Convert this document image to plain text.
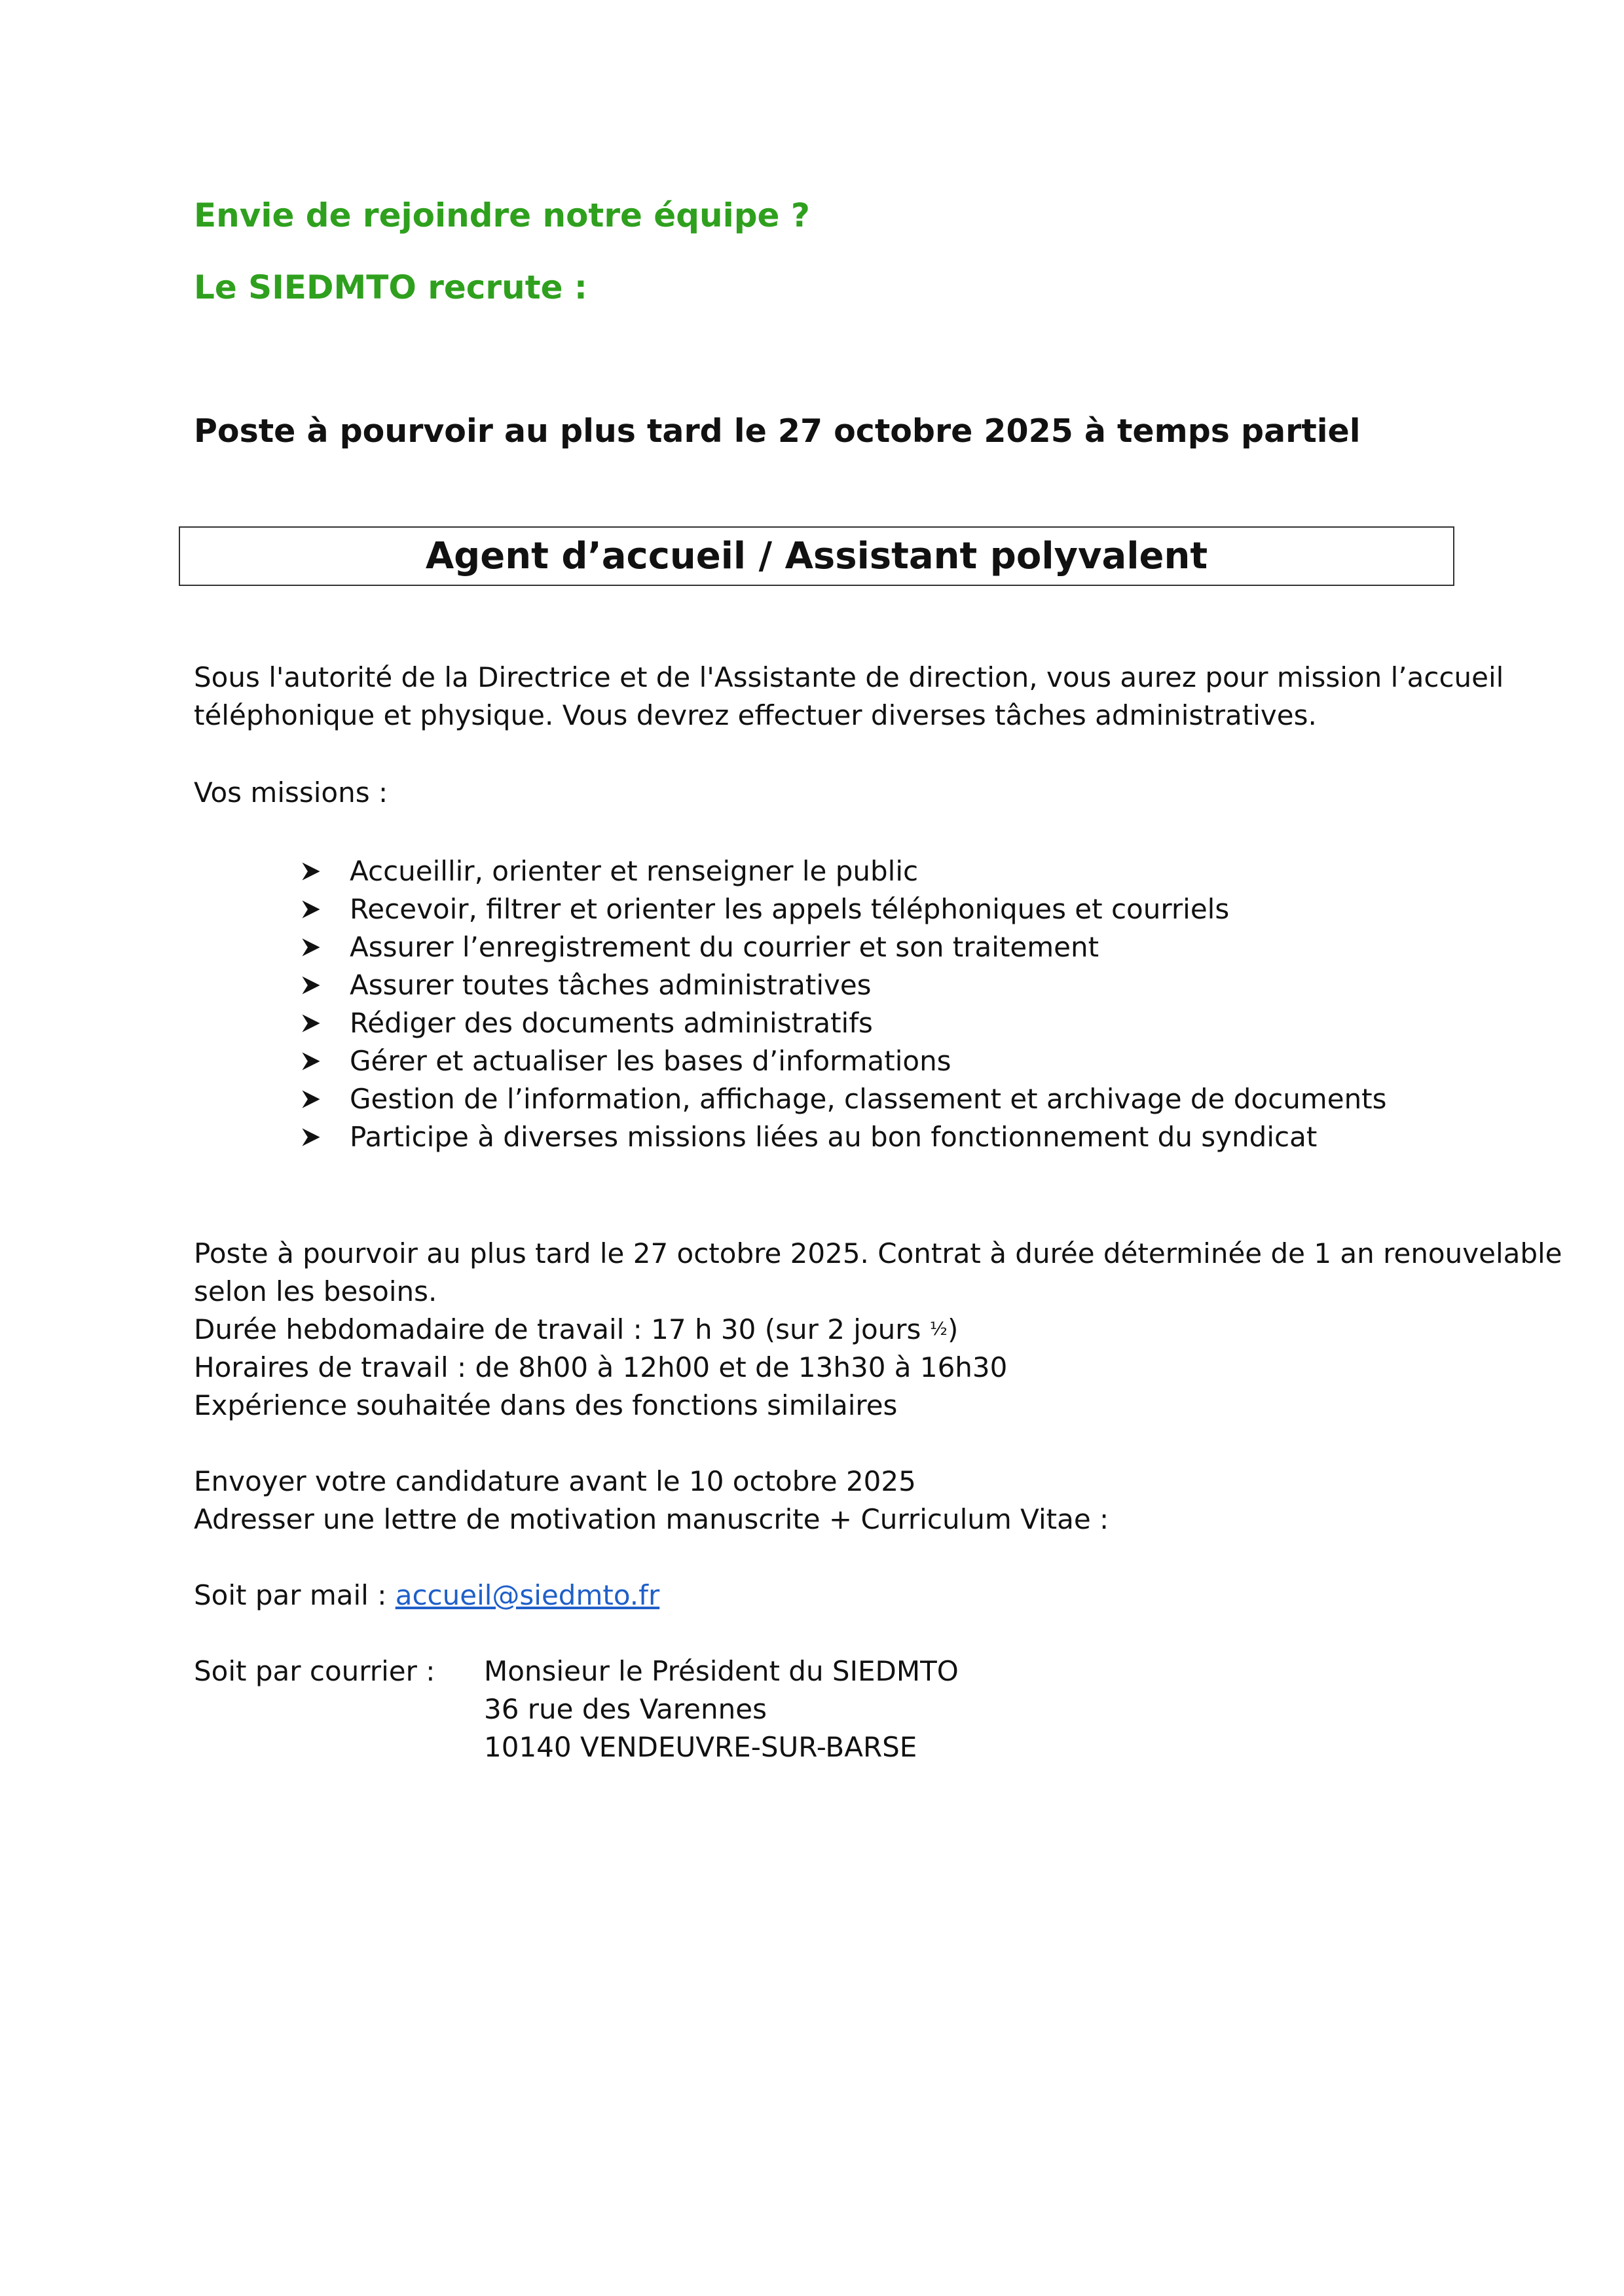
Envie de rejoindre notre équipe ?
Le SIEDMTO recrute :
Poste à pourvoir au plus tard le 27 octobre 2025 à temps partiel
Agent d’accueil / Assistant polyvalent
Sous l'autorité de la Directrice et de l'Assistante de direction, vous aurez pour mission l’accueil
téléphonique et physique. Vous devrez effectuer diverses tâches administratives.
Vos missions :
Accueillir, orienter et renseigner le public
Recevoir, filtrer et orienter les appels téléphoniques et courriels
Assurer l’enregistrement du courrier et son traitement
Assurer toutes tâches administratives
Rédiger des documents administratifs
Gérer et actualiser les bases d’informations
Gestion de l’information, affichage, classement et archivage de documents
Participe à diverses missions liées au bon fonctionnement du syndicat
Poste à pourvoir au plus tard le 27 octobre 2025. Contrat à durée déterminée de 1 an renouvelable
selon les besoins.
Durée hebdomadaire de travail : 17 h 30 (sur 2 jours ½)
Horaires de travail : de 8h00 à 12h00 et de 13h30 à 16h30
Expérience souhaitée dans des fonctions similaires
Envoyer votre candidature avant le 10 octobre 2025
Adresser une lettre de motivation manuscrite + Curriculum Vitae :
Soit par mail : accueil@siedmto.fr
Soit par courrier : Monsieur le Président du SIEDMTO
36 rue des Varennes
10140 VENDEUVRE-SUR-BARSE
